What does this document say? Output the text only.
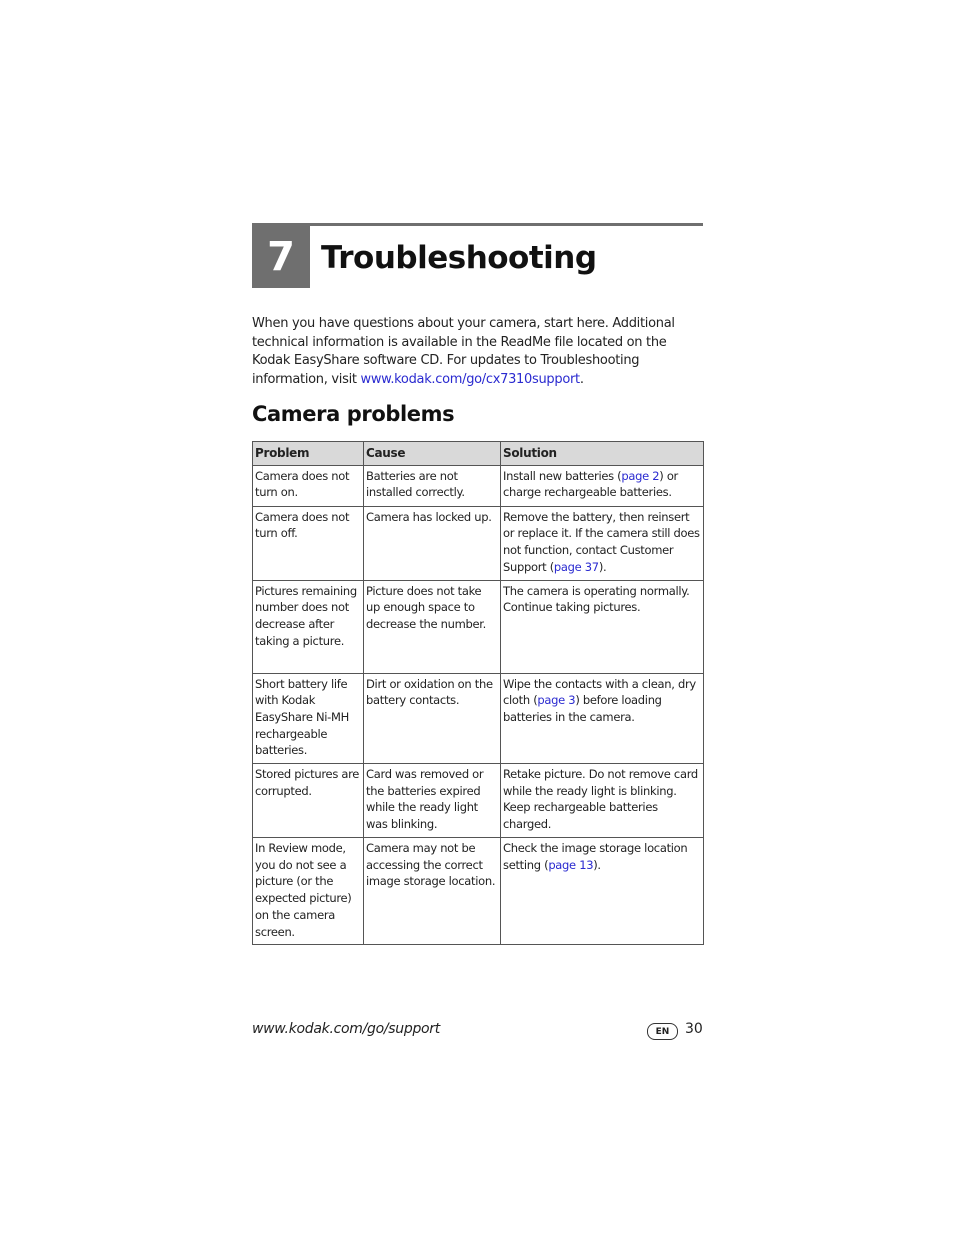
7 Troubleshooting

When you have questions about your camera, start here. Additional technical information is available in the ReadMe file located on the Kodak EasyShare software CD. For updates to Troubleshooting information, visit www.kodak.com/go/cx7310support.

Camera problems
Problem	Cause	Solution
Camera does not turn on.	Batteries are not installed correctly.	Install new batteries (page 2) or charge rechargeable batteries.
Camera does not turn off.	Camera has locked up.	Remove the battery, then reinsert or replace it. If the camera still does not function, contact Customer Support (page 37).
Pictures remaining number does not decrease after taking a picture.	Picture does not take up enough space to decrease the number.	The camera is operating normally. Continue taking pictures.
Short battery life with Kodak EasyShare Ni-MH rechargeable batteries.	Dirt or oxidation on the battery contacts.	Wipe the contacts with a clean, dry cloth (page 3) before loading batteries in the camera.
Stored pictures are corrupted.	Card was removed or the batteries expired while the ready light was blinking.	Retake picture. Do not remove card while the ready light is blinking. Keep rechargeable batteries charged.
In Review mode, you do not see a picture (or the expected picture) on the camera screen.	Camera may not be accessing the correct image storage location.	Check the image storage location setting (page 13).
www.kodak.com/go/support	EN	30
